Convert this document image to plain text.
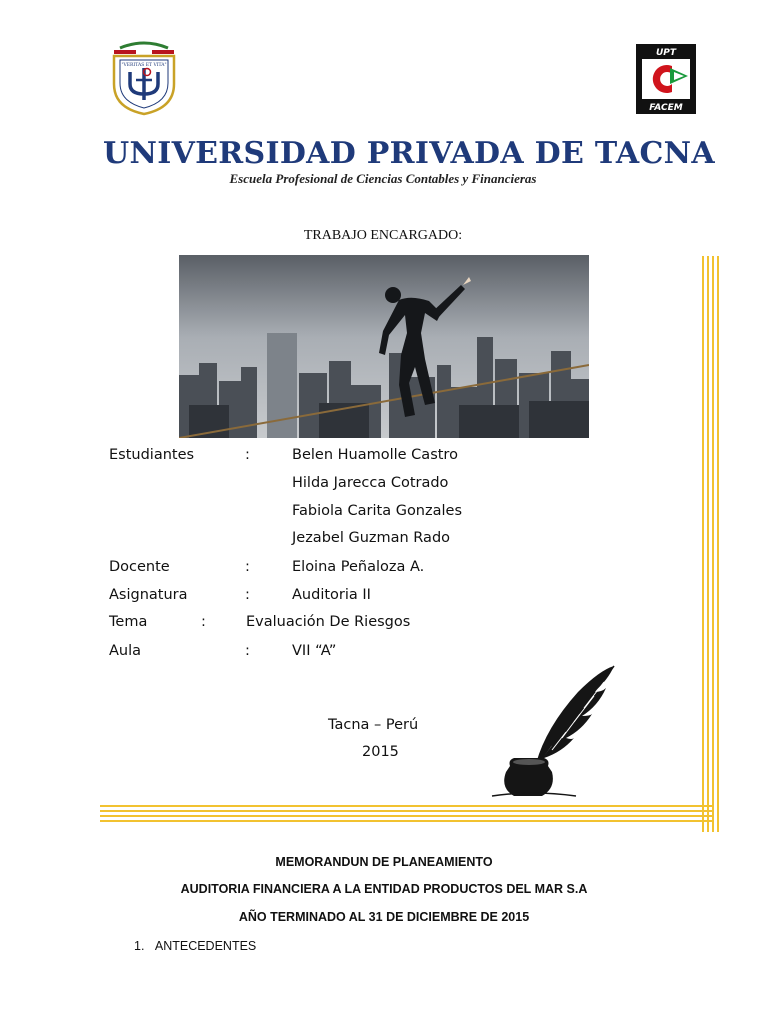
"VERITAS ET VITA"
UPT
FACEM
UNIVERSIDAD PRIVADA DE TACNA
Escuela Profesional de Ciencias Contables y Financieras
TRABAJO ENCARGADO:
Estudiantes	:	Belen Huamolle Castro
Hilda Jarecca Cotrado
Fabiola Carita Gonzales
Jezabel Guzman Rado
Docente	:	Eloina Peñaloza A.
Asignatura	:	Auditoria II
Tema	:	Evaluación De Riesgos
Aula	:	VII “A”
Tacna – Perú
2015
MEMORANDUN DE PLANEAMIENTO
AUDITORIA FINANCIERA A LA ENTIDAD PRODUCTOS DEL MAR S.A
AÑO TERMINADO AL 31 DE DICIEMBRE DE 2015
1. ANTECEDENTES
